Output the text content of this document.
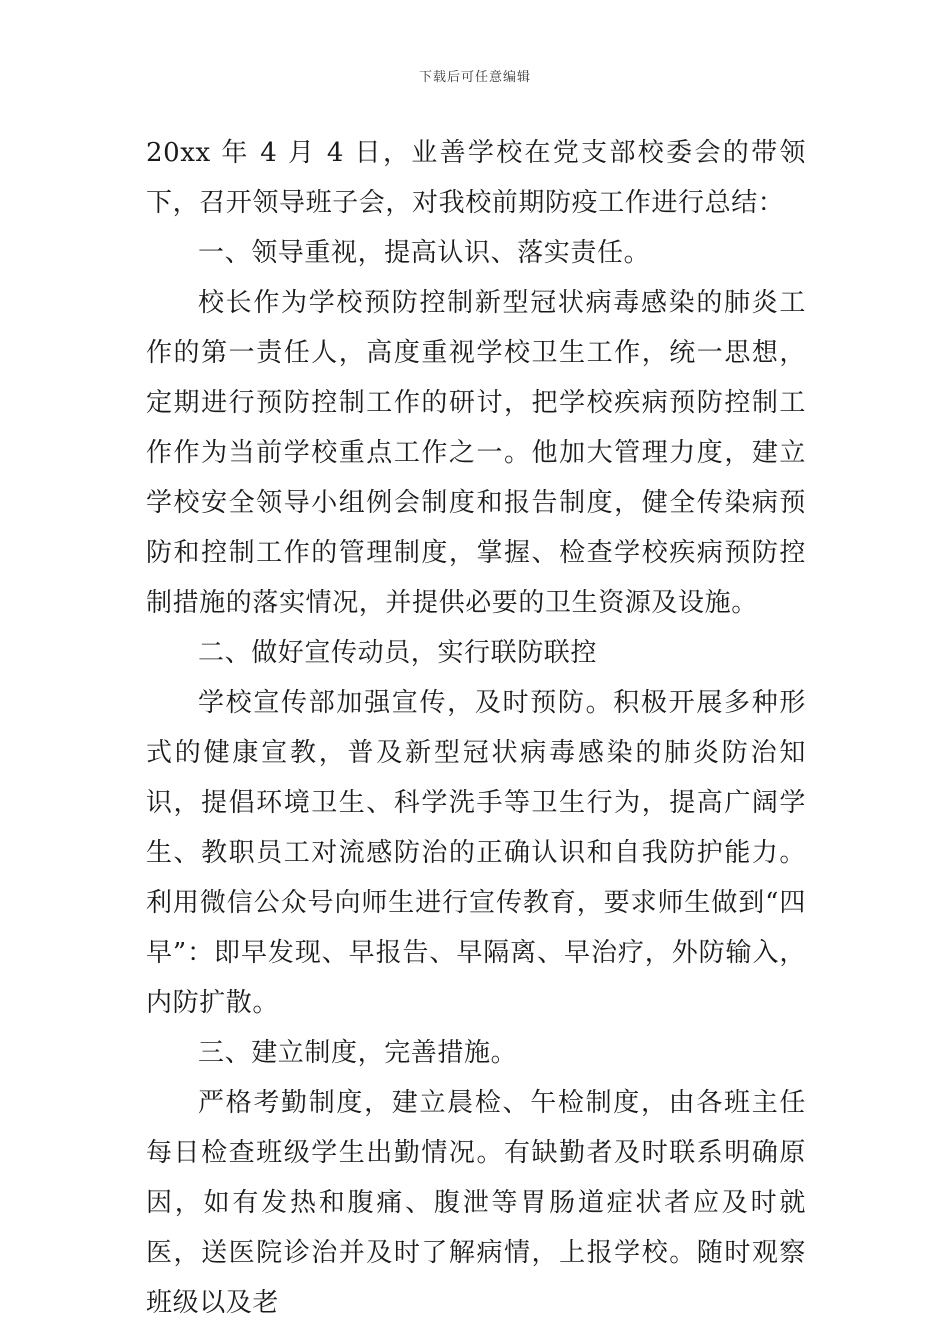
下载后可任意编辑

20xx 年 4 月 4 日，业善学校在党支部校委会的带领下，召开领导班子会，对我校前期防疫工作进行总结：

一、领导重视，提高认识、落实责任。

校长作为学校预防控制新型冠状病毒感染的肺炎工作的第一责任人，高度重视学校卫生工作，统一思想，定期进行预防控制工作的研讨，把学校疾病预防控制工作作为当前学校重点工作之一。他加大管理力度，建立学校安全领导小组例会制度和报告制度，健全传染病预防和控制工作的管理制度，掌握、检查学校疾病预防控制措施的落实情况，并提供必要的卫生资源及设施。

二、做好宣传动员，实行联防联控

学校宣传部加强宣传，及时预防。积极开展多种形式的健康宣教，普及新型冠状病毒感染的肺炎防治知识，提倡环境卫生、科学洗手等卫生行为，提高广阔学生、教职员工对流感防治的正确认识和自我防护能力。利用微信公众号向师生进行宣传教育，要求师生做到“四早”：即早发现、早报告、早隔离、早治疗，外防输入，内防扩散。

三、建立制度，完善措施。

严格考勤制度，建立晨检、午检制度，由各班主任每日检查班级学生出勤情况。有缺勤者及时联系明确原因，如有发热和腹痛、腹泄等胃肠道症状者应及时就医，送医院诊治并及时了解病情，上报学校。随时观察班级以及老
